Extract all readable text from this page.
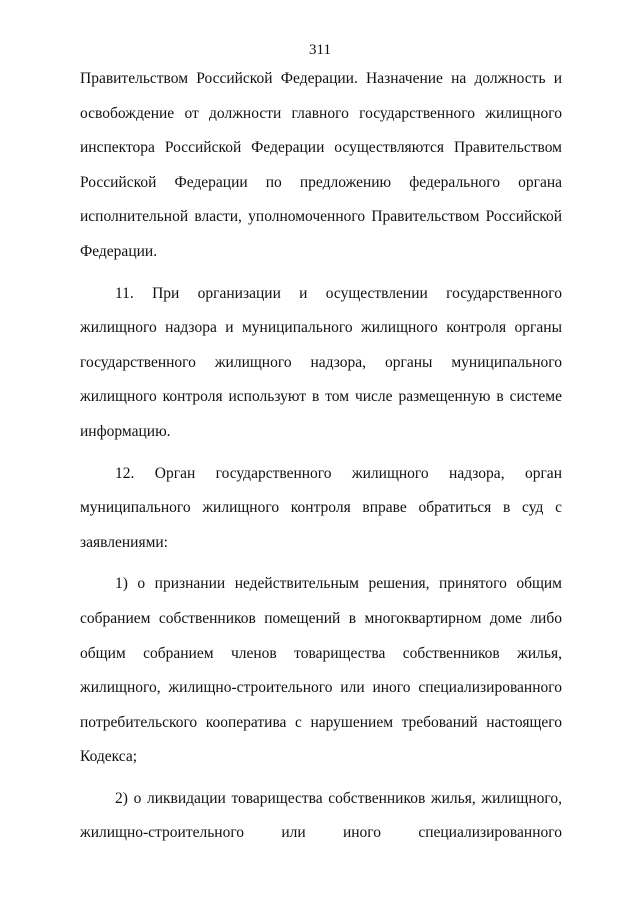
311
Правительством Российской Федерации. Назначение на должность и
освобождение от должности главного государственного жилищного
инспектора Российской Федерации осуществляются Правительством
Российской Федерации по предложению федерального органа
исполнительной власти, уполномоченного Правительством Российской
Федерации.
11. При организации и осуществлении государственного
жилищного надзора и муниципального жилищного контроля органы
государственного жилищного надзора, органы муниципального
жилищного контроля используют в том числе размещенную в системе
информацию.
12. Орган государственного жилищного надзора, орган
муниципального жилищного контроля вправе обратиться в суд с
заявлениями:
1) о признании недействительным решения, принятого общим
собранием собственников помещений в многоквартирном доме либо
общим собранием членов товарищества собственников жилья,
жилищного, жилищно-строительного или иного специализированного
потребительского кооператива с нарушением требований настоящего
Кодекса;
2) о ликвидации товарищества собственников жилья, жилищного,
жилищно-строительного или иного специализированного
